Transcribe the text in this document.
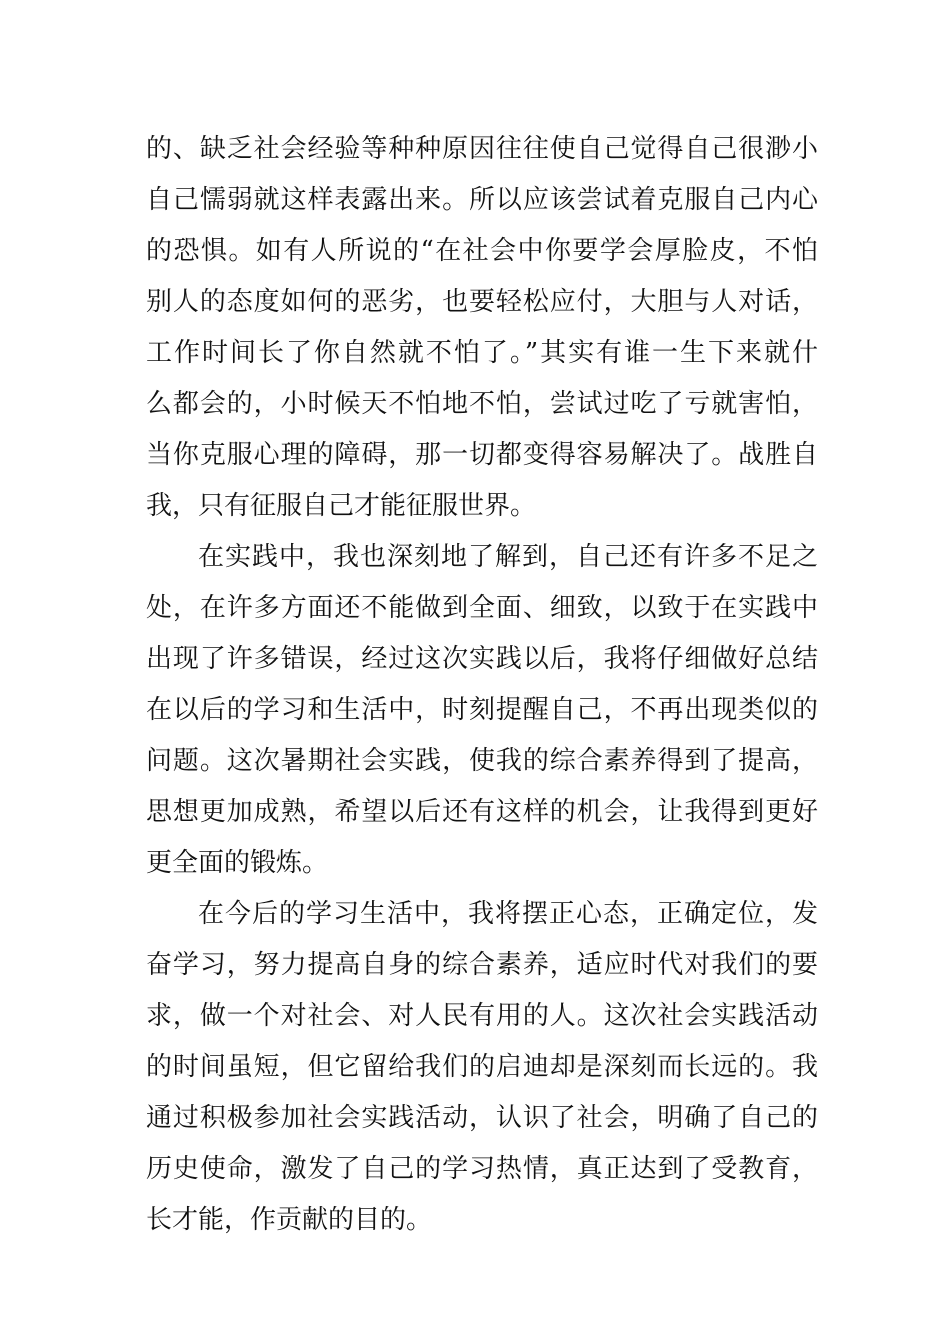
的、缺乏社会经验等种种原因往往使自己觉得自己很渺小
自己懦弱就这样表露出来。所以应该尝试着克服自己内心
的恐惧。如有人所说的“在社会中你要学会厚脸皮，不怕
别人的态度如何的恶劣，也要轻松应付，大胆与人对话，
工作时间长了你自然就不怕了。”其实有谁一生下来就什
么都会的，小时候天不怕地不怕，尝试过吃了亏就害怕，
当你克服心理的障碍，那一切都变得容易解决了。战胜自
我，只有征服自己才能征服世界。
在实践中，我也深刻地了解到，自己还有许多不足之
处，在许多方面还不能做到全面、细致，以致于在实践中
出现了许多错误，经过这次实践以后，我将仔细做好总结
在以后的学习和生活中，时刻提醒自己，不再出现类似的
问题。这次暑期社会实践，使我的综合素养得到了提高，
思想更加成熟，希望以后还有这样的机会，让我得到更好
更全面的锻炼。
在今后的学习生活中，我将摆正心态，正确定位，发
奋学习，努力提高自身的综合素养，适应时代对我们的要
求，做一个对社会、对人民有用的人。这次社会实践活动
的时间虽短，但它留给我们的启迪却是深刻而长远的。我
通过积极参加社会实践活动，认识了社会，明确了自己的
历史使命，激发了自己的学习热情，真正达到了受教育，
长才能，作贡献的目的。
